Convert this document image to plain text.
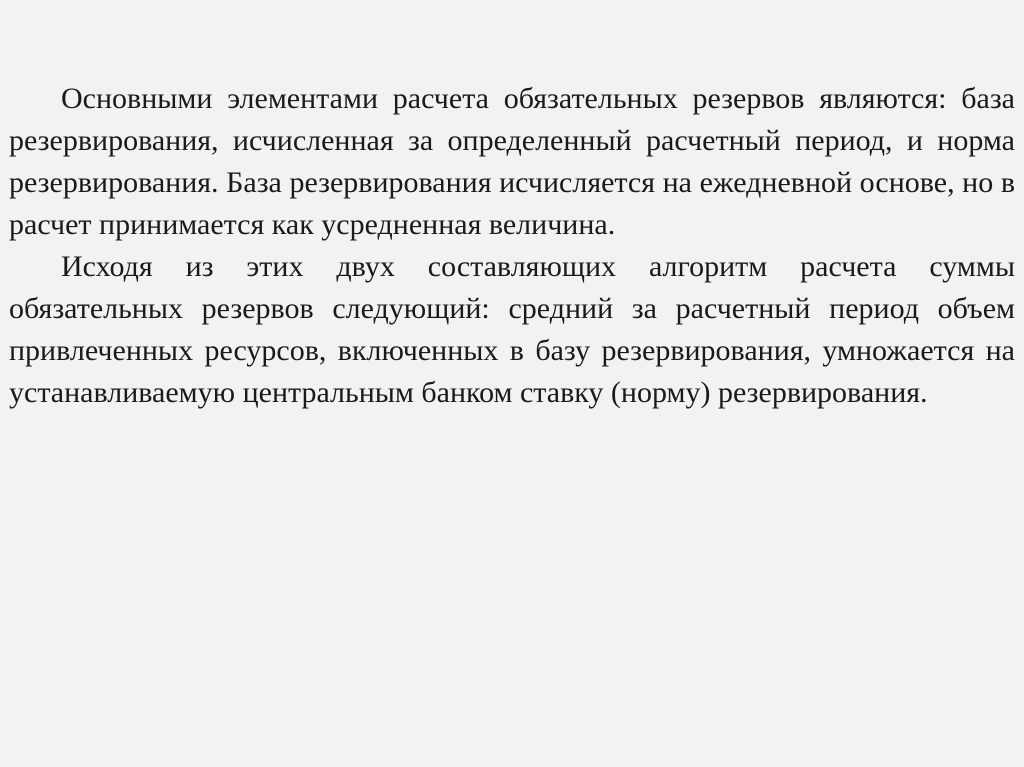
Основными элементами расчета обязательных резервов являются: база резервирования, исчисленная за определенный расчетный период, и норма резервирования. База резервирования исчисляется на ежедневной основе, но в расчет принимается как усредненная величина.

Исходя из этих двух составляющих алгоритм расчета суммы обязательных резервов следующий: средний за расчетный период объем привлеченных ресурсов, включенных в базу резервирования, умножается на устанавливаемую центральным банком ставку (норму) резервирования.
